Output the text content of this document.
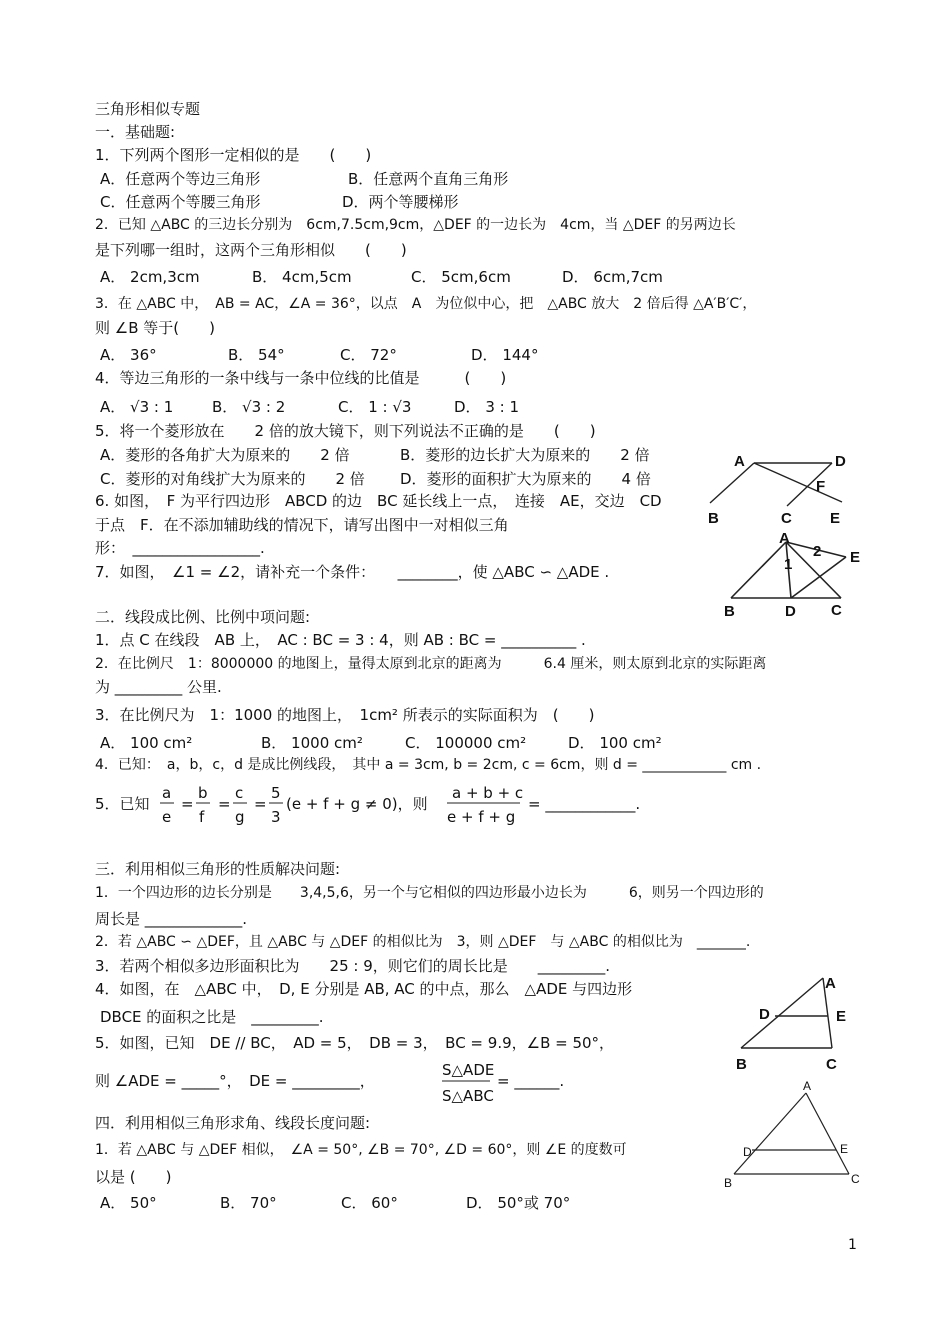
三角形相似专题
一．基础题:
1．下列两个图形一定相似的是　　(　　)
A．任意两个等边三角形	B．任意两个直角三角形
C．任意两个等腰三角形	D．两个等腰梯形
2．已知 △ABC 的三边长分别为　6cm,7.5cm,9cm，△DEF 的一边长为　4cm，当 △DEF 的另两边长
是下列哪一组时，这两个三角形相似　　(　　)
A． 2cm,3cm	B． 4cm,5cm	C． 5cm,6cm	D． 6cm,7cm
3．在 △ABC 中，　AB = AC，∠A = 36°，以点　A　为位似中心，把　△ABC 放大　2 倍后得 △A′B′C′，
则 ∠B 等于(　　)
A． 36°	B． 54°	C． 72°	D． 144°
4．等边三角形的一条中线与一条中位线的比值是　　　(　　)
A． √3 : 1	B． √3 : 2	C． 1 : √3	D． 3 : 1
5．将一个菱形放在　　2 倍的放大镜下，则下列说法不正确的是　　(　　)
A．菱形的各角扩大为原来的　　2 倍	B．菱形的边长扩大为原来的　　2 倍
C．菱形的对角线扩大为原来的　　2 倍 D．菱形的面积扩大为原来的　　4 倍
6. 如图，　F 为平行四边形　ABCD 的边　BC 延长线上一点，　连接　AE，交边　CD
于点　F．在不添加辅助线的情况下，请写出图中一对相似三角
形：　_________________.
7．如图，　∠1 = ∠2，请补充一个条件：　　________，使 △ABC ∽ △ADE .
A	D
F
B	C	E
A
1
2 E
B	D C
二．线段成比例、比例中项问题:
1．点 C 在线段　AB 上，　AC : BC = 3 : 4，则 AB : BC = __________ .
2．在比例尺　1：8000000 的地图上，量得太原到北京的距离为　　　6.4 厘米，则太原到北京的实际距离
为 _________ 公里.
3．在比例尺为　1：1000 的地图上，　1cm² 所表示的实际面积为　(　　)
A． 100 cm²	B． 1000 cm²	C． 100000 cm²	D． 100 cm²
4．已知：　a，b，c，d 是成比例线段，　其中 a = 3cm, b = 2cm, c = 6cm，则 d = ____________ cm .
5．已知
a
e
=
b
f
=
c
g
=
5
3
(e + f + g ≠ 0)，则
a + b + c
e + f + g
= ____________.
三．利用相似三角形的性质解决问题:
1．一个四边形的边长分别是　　3,4,5,6，另一个与它相似的四边形最小边长为　　　6，则另一个四边形的
周长是 _____________.
2．若 △ABC ∽ △DEF，且 △ABC 与 △DEF 的相似比为　3，则 △DEF　与 △ABC 的相似比为　_______.
3．若两个相似多边形面积比为　　25 : 9，则它们的周长比是　　_________.
4．如图，在　△ABC 中，　D, E 分别是 AB, AC 的中点，那么　△ADE 与四边形
DBCE 的面积之比是　_________.
5．如图，已知　DE // BC，　AD = 5，　DB = 3，　BC = 9.9，∠B = 50°，
则 ∠ADE = _____°，　DE = _________，
S△ADE
S△ABC
= ______.
A
D	E
B	C
四．利用相似三角形求角、线段长度问题:
1．若 △ABC 与 △DEF 相似，　∠A = 50°, ∠B = 70°, ∠D = 60°，则 ∠E 的度数可
以是 (　　)
A． 50°	B． 70°	C． 60°	D． 50°或 70°
A
D	E
B	C
1
